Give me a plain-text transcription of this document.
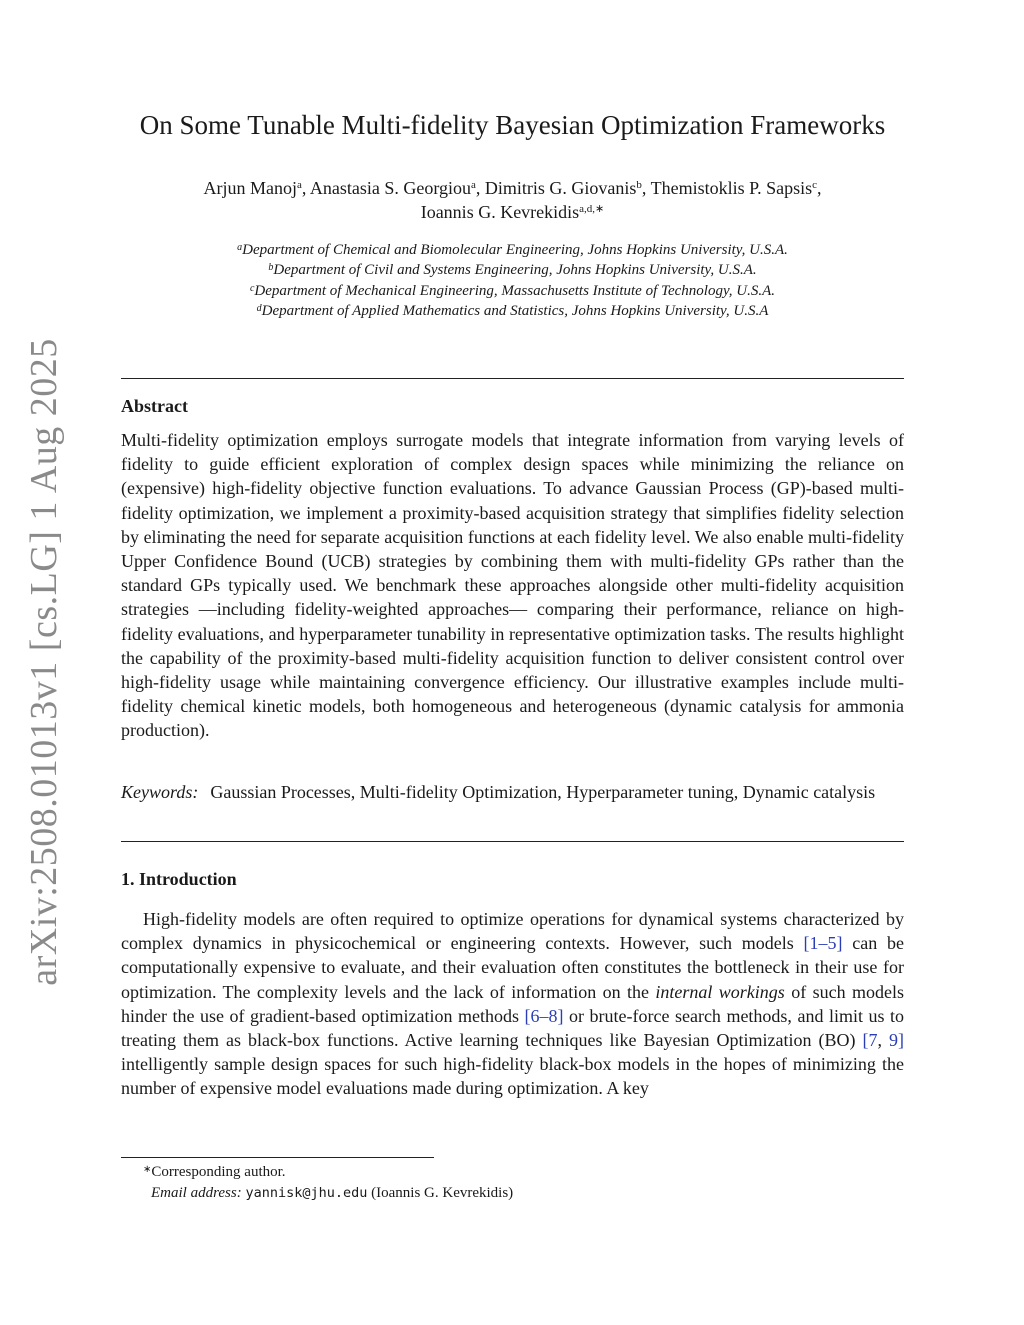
arXiv:2508.01013v1 [cs.LG] 1 Aug 2025
On Some Tunable Multi-fidelity Bayesian Optimization Frameworks
Arjun Manoj$^a$, Anastasia S. Georgiou$^a$, Dimitris G. Giovanis$^b$, Themistoklis P. Sapsis$^c$,
Ioannis G. Kevrekidis$^{a,d,∗}$
$^a$Department of Chemical and Biomolecular Engineering, Johns Hopkins University, U.S.A.
$^b$Department of Civil and Systems Engineering, Johns Hopkins University, U.S.A.
$^c$Department of Mechanical Engineering, Massachusetts Institute of Technology, U.S.A.
$^d$Department of Applied Mathematics and Statistics, Johns Hopkins University, U.S.A
Abstract

Multi-fidelity optimization employs surrogate models that integrate information from varying levels of fidelity to guide efficient exploration of complex design spaces while minimizing the reliance on (expensive) high-fidelity objective function evaluations. To advance Gaussian Process (GP)-based multi-fidelity optimization, we implement a proximity-based acquisition strategy that simplifies fidelity selection by eliminating the need for separate acquisition functions at each fidelity level. We also enable multi-fidelity Upper Confidence Bound (UCB) strategies by combining them with multi-fidelity GPs rather than the standard GPs typically used. We benchmark these approaches alongside other multi-fidelity acquisition strategies —including fidelity-weighted approaches— comparing their performance, reliance on high-fidelity evaluations, and hyperparameter tunability in representative optimization tasks. The results highlight the capability of the proximity-based multi-fidelity acquisition function to deliver consistent control over high-fidelity usage while maintaining convergence efficiency. Our illustrative examples include multi-fidelity chemical kinetic models, both homogeneous and heterogeneous (dynamic catalysis for ammonia production).

Keywords: Gaussian Processes, Multi-fidelity Optimization, Hyperparameter tuning, Dynamic catalysis
1. Introduction

High-fidelity models are often required to optimize operations for dynamical systems characterized by complex dynamics in physicochemical or engineering contexts. However, such models [1–5] can be computationally expensive to evaluate, and their evaluation often constitutes the bottleneck in their use for optimization. The complexity levels and the lack of information on the internal workings of such models hinder the use of gradient-based optimization methods [6–8] or brute-force search methods, and limit us to treating them as black-box functions. Active learning techniques like Bayesian Optimization (BO) [7, 9] intelligently sample design spaces for such high-fidelity black-box models in the hopes of minimizing the number of expensive model evaluations made during optimization. A key

∗Corresponding author.
Email address: yannisk@jhu.edu (Ioannis G. Kevrekidis)
